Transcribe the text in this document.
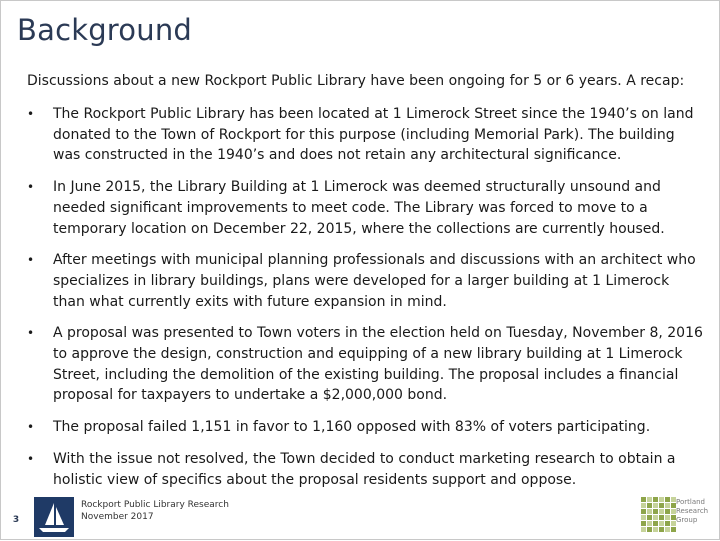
Background
Discussions about a new Rockport Public Library have been ongoing for 5 or 6 years. A recap:
• The Rockport Public Library has been located at 1 Limerock Street since the 1940’s on land donated to the Town of Rockport for this purpose (including Memorial Park). The building was constructed in the 1940’s and does not retain any architectural significance.
• In June 2015, the Library Building at 1 Limerock was deemed structurally unsound and needed significant improvements to meet code. The Library was forced to move to a temporary location on December 22, 2015, where the collections are currently housed.
• After meetings with municipal planning professionals and discussions with an architect who specializes in library buildings, plans were developed for a larger building at 1 Limerock than what currently exits with future expansion in mind.
• A proposal was presented to Town voters in the election held on Tuesday, November 8, 2016 to approve the design, construction and equipping of a new library building at 1 Limerock Street, including the demolition of the existing building. The proposal includes a financial proposal for taxpayers to undertake a $2,000,000 bond.
• The proposal failed 1,151 in favor to 1,160 opposed with 83% of voters participating.
• With the issue not resolved, the Town decided to conduct marketing research to obtain a holistic view of specifics about the proposal residents support and oppose.
3
Rockport Public Library Research
November 2017
Portland
Research
Group
